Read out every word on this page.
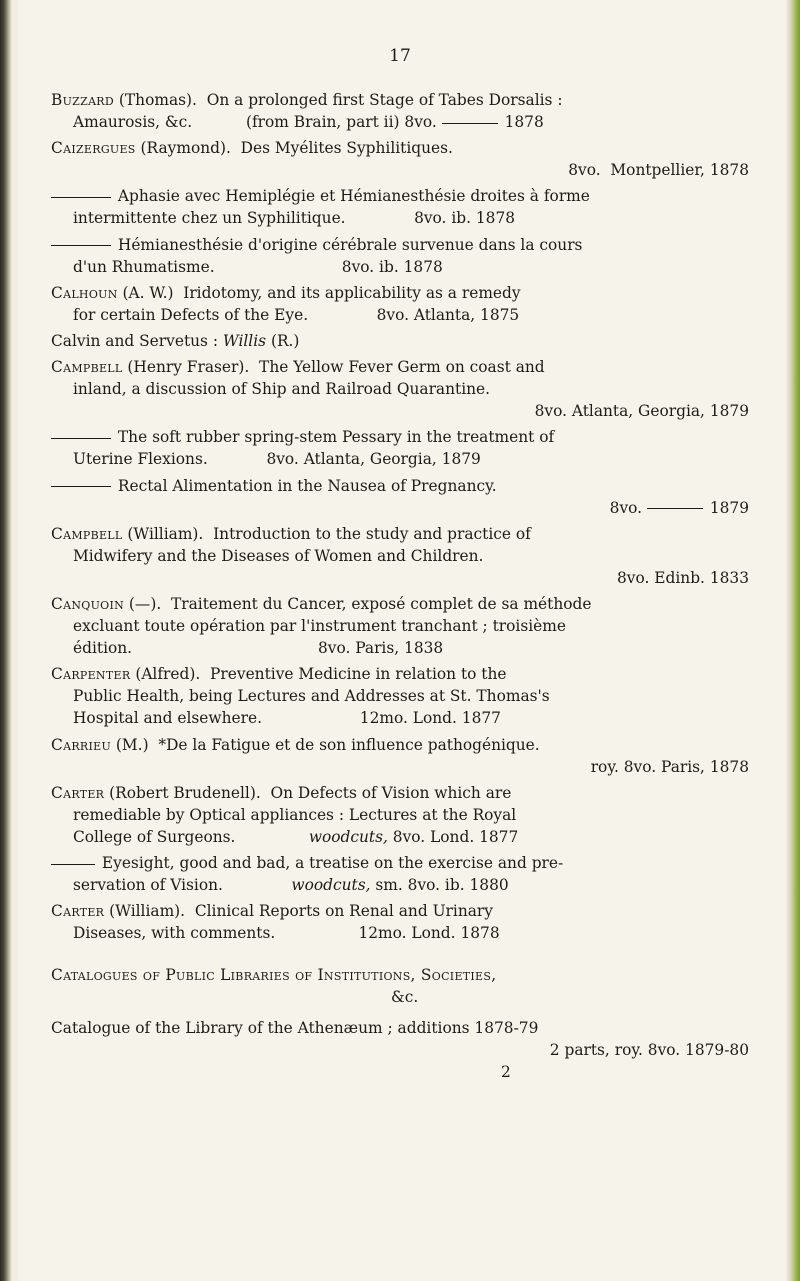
17
Buzzard (Thomas).  On a prolonged first Stage of Tabes Dorsalis :
Amaurosis, &c.           (from Brain, part ii) 8vo.	1878
Caizergues (Raymond).  Des Myélites Syphilitiques.
8vo.  Montpellier, 1878
Aphasie avec Hemiplégie et Hémianesthésie droites à forme
intermittente chez un Syphilitique.              8vo. ib. 1878
Hémianesthésie d'origine cérébrale survenue dans la cours
d'un Rhumatisme.                          8vo. ib. 1878
Calhoun (A. W.)  Iridotomy, and its applicability as a remedy
for certain Defects of the Eye.              8vo. Atlanta, 1875
Calvin and Servetus : Willis (R.)
Campbell (Henry Fraser).  The Yellow Fever Germ on coast and
inland, a discussion of Ship and Railroad Quarantine.
8vo. Atlanta, Georgia, 1879
The soft rubber spring-stem Pessary in the treatment of
Uterine Flexions.            8vo. Atlanta, Georgia, 1879
Rectal Alimentation in the Nausea of Pregnancy.
8vo.	1879
Campbell (William).  Introduction to the study and practice of
Midwifery and the Diseases of Women and Children.
8vo. Edinb. 1833
Canquoin (—).  Traitement du Cancer, exposé complet de sa méthode
excluant toute opération par l'instrument tranchant ; troisième
édition.                                      8vo. Paris, 1838
Carpenter (Alfred).  Preventive Medicine in relation to the
Public Health, being Lectures and Addresses at St. Thomas's
Hospital and elsewhere.                    12mo. Lond. 1877
Carrieu (M.)  *De la Fatigue et de son influence pathogénique.
roy. 8vo. Paris, 1878
Carter (Robert Brudenell).  On Defects of Vision which are
remediable by Optical appliances : Lectures at the Royal
College of Surgeons.               woodcuts, 8vo. Lond. 1877
Eyesight, good and bad, a treatise on the exercise and pre-
servation of Vision.              woodcuts, sm. 8vo. ib. 1880
Carter (William).  Clinical Reports on Renal and Urinary
Diseases, with comments.                 12mo. Lond. 1878
Catalogues of Public Libraries of Institutions, Societies,
&c.
Catalogue of the Library of the Athenæum ; additions 1878-79
2 parts, roy. 8vo. 1879-80
2
